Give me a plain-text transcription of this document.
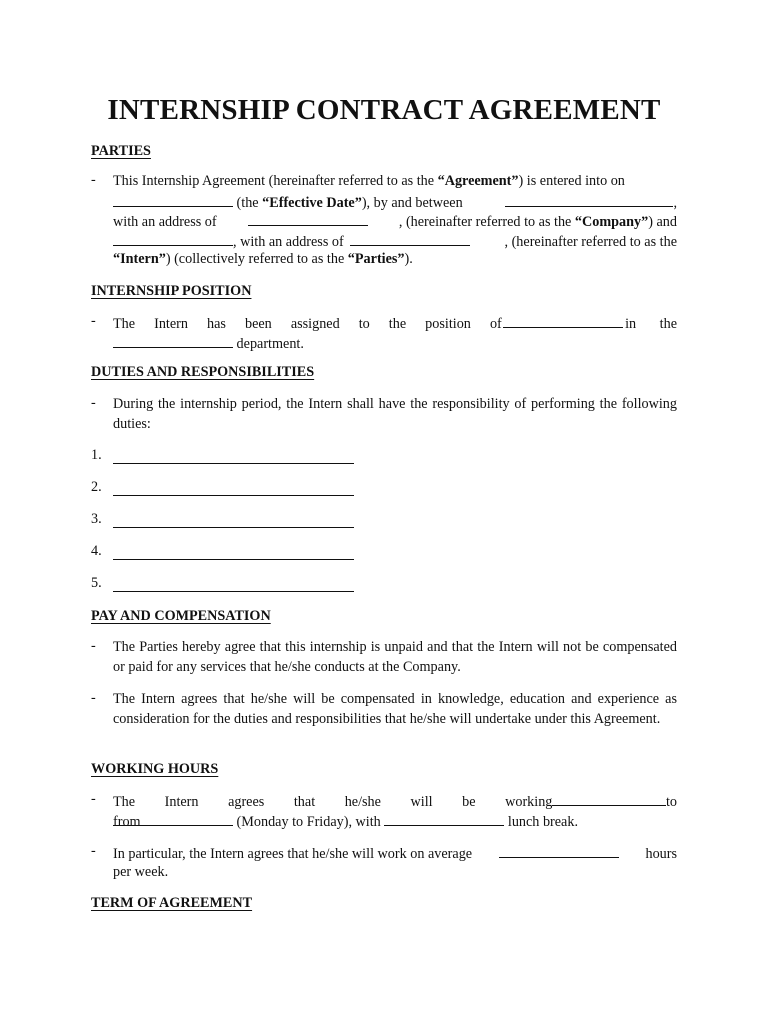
INTERNSHIP CONTRACT AGREEMENT
PARTIES
- This Internship Agreement (hereinafter referred to as the “Agreement”) is entered into on
(the “Effective Date” ), by and between	,
with an address of	, (hereinafter referred to as the “Company”) and
, with an address of	, (hereinafter referred to as the
“Intern”) (collectively referred to as the “Parties”).
INTERNSHIP POSITION
- The Intern has been assigned to the position of	in the
department.
DUTIES AND RESPONSIBILITIES
- During the internship period, the Intern shall have the responsibility of performing the following duties:
1.
2.
3.
4.
5.
PAY AND COMPENSATION
- The Parties hereby agree that this internship is unpaid and that the Intern will not be compensated or paid for any services that he/she conducts at the Company.
- The Intern agrees that he/she will be compensated in knowledge, education and experience as consideration for the duties and responsibilities that he/she will undertake under this Agreement.
WORKING HOURS
- The Intern agrees that he/she will be working from
to
(Monday to Friday), with	lunch break.
- In particular, the Intern agrees that he/she will work on average	hours
per week.
TERM OF AGREEMENT
